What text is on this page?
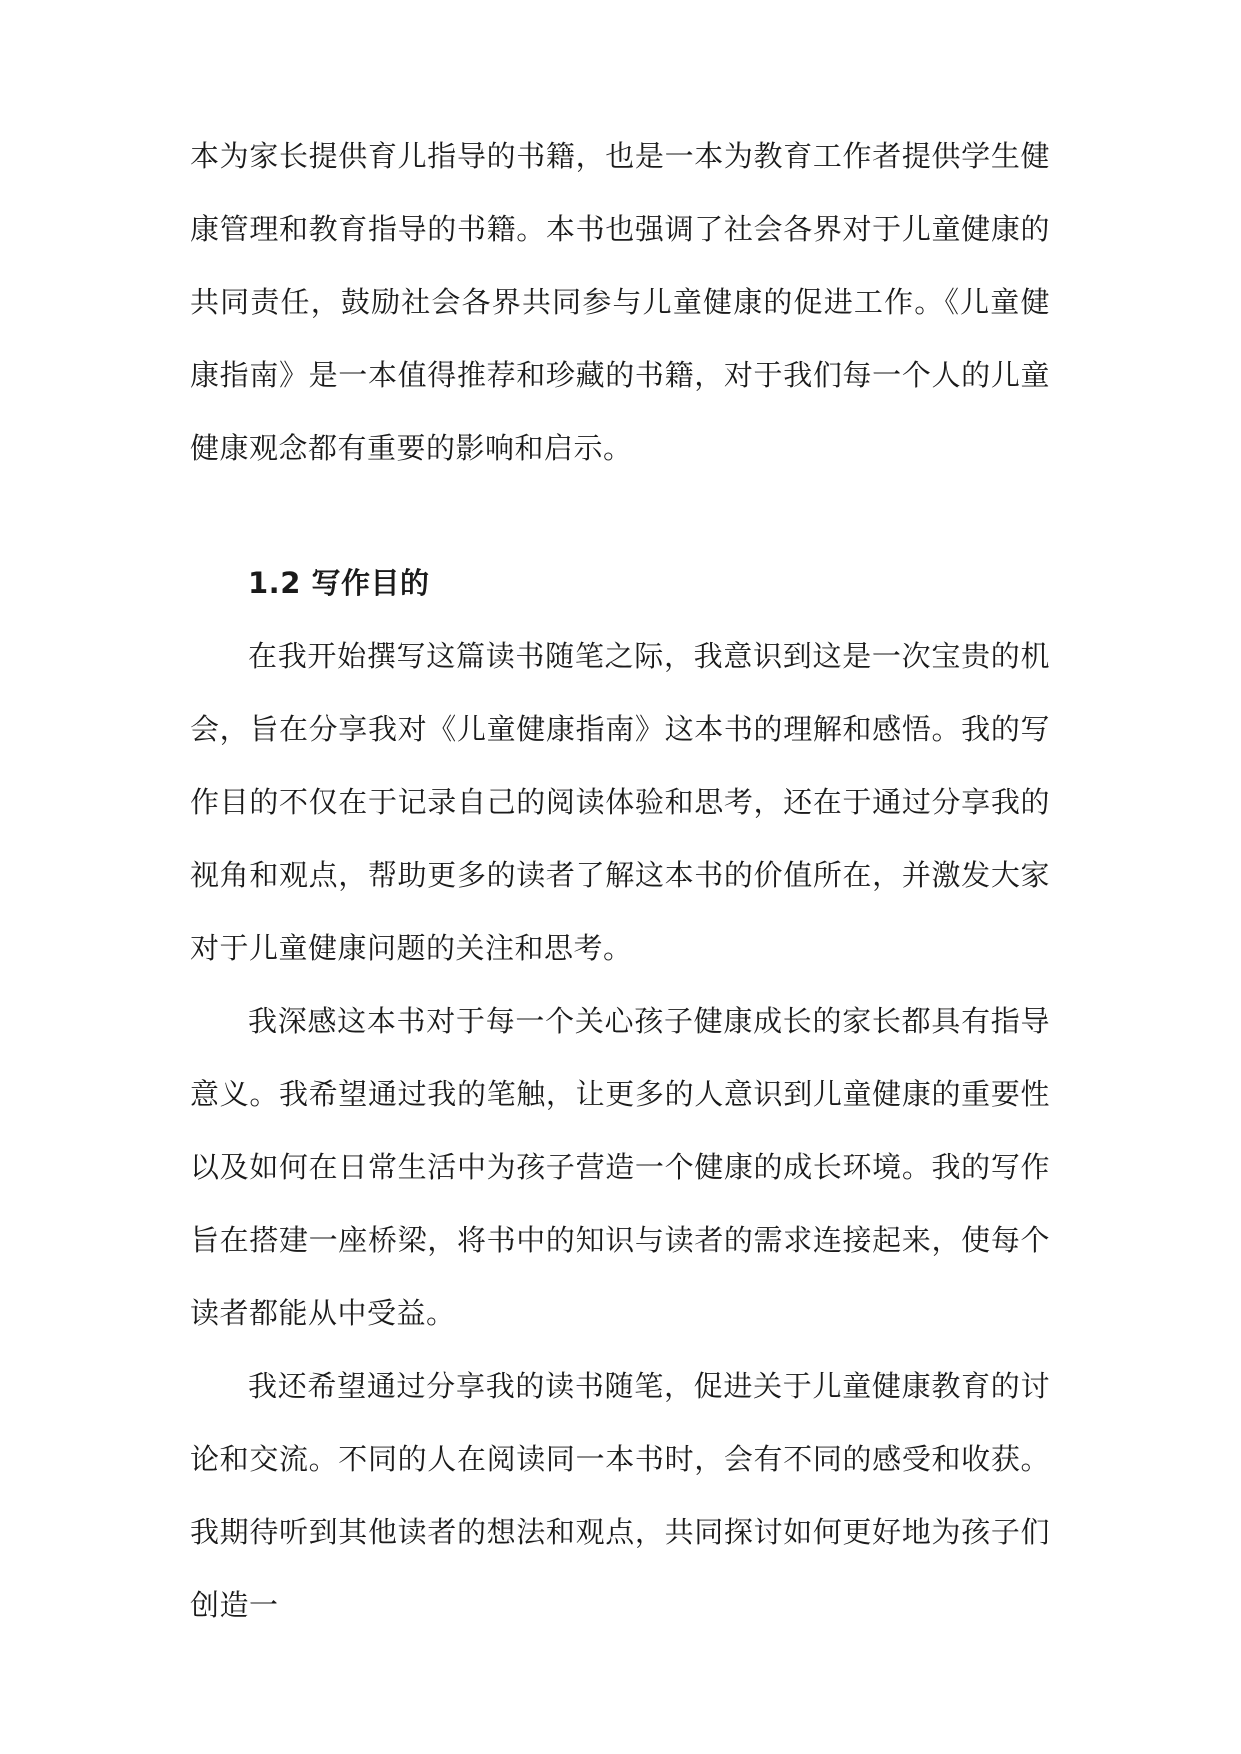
本为家长提供育儿指导的书籍，也是一本为教育工作者提供学生健康管理和教育指导的书籍。本书也强调了社会各界对于儿童健康的共同责任，鼓励社会各界共同参与儿童健康的促进工作。《儿童健康指南》是一本值得推荐和珍藏的书籍，对于我们每一个人的儿童健康观念都有重要的影响和启示。

1.2 写作目的

在我开始撰写这篇读书随笔之际，我意识到这是一次宝贵的机会，旨在分享我对《儿童健康指南》这本书的理解和感悟。我的写作目的不仅在于记录自己的阅读体验和思考，还在于通过分享我的视角和观点，帮助更多的读者了解这本书的价值所在，并激发大家对于儿童健康问题的关注和思考。

我深感这本书对于每一个关心孩子健康成长的家长都具有指导意义。我希望通过我的笔触，让更多的人意识到儿童健康的重要性以及如何在日常生活中为孩子营造一个健康的成长环境。我的写作旨在搭建一座桥梁，将书中的知识与读者的需求连接起来，使每个读者都能从中受益。

我还希望通过分享我的读书随笔，促进关于儿童健康教育的讨论和交流。不同的人在阅读同一本书时，会有不同的感受和收获。我期待听到其他读者的想法和观点，共同探讨如何更好地为孩子们创造一
